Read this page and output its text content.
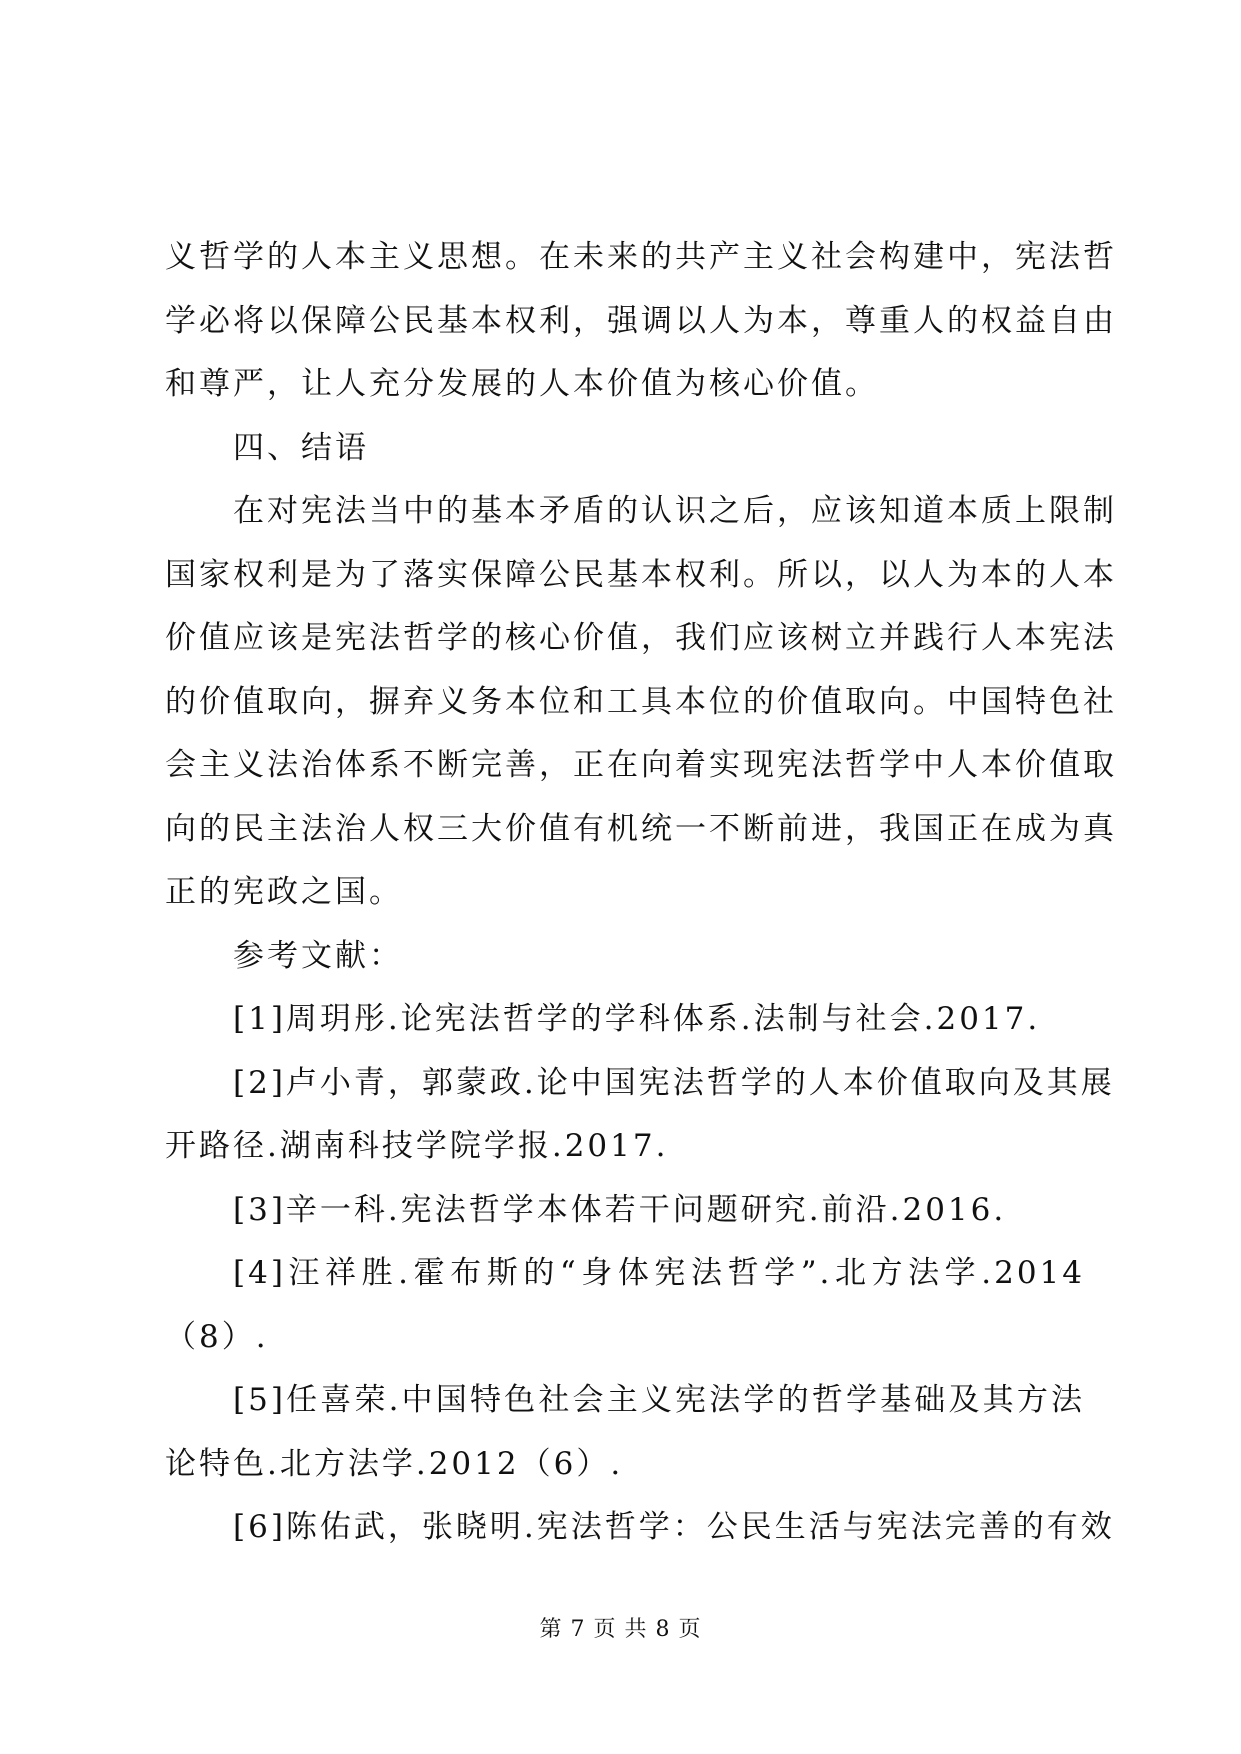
义哲学的人本主义思想。在未来的共产主义社会构建中，宪法哲
学必将以保障公民基本权利，强调以人为本，尊重人的权益自由
和尊严，让人充分发展的人本价值为核心价值。
四、结语
在对宪法当中的基本矛盾的认识之后，应该知道本质上限制
国家权利是为了落实保障公民基本权利。所以，以人为本的人本
价值应该是宪法哲学的核心价值，我们应该树立并践行人本宪法
的价值取向，摒弃义务本位和工具本位的价值取向。中国特色社
会主义法治体系不断完善，正在向着实现宪法哲学中人本价值取
向的民主法治人权三大价值有机统一不断前进，我国正在成为真
正的宪政之国。
参考文献：
[1]周玥彤.论宪法哲学的学科体系.法制与社会.2017.
[2]卢小青，郭蒙政.论中国宪法哲学的人本价值取向及其展
开路径.湖南科技学院学报.2017.
[3]辛一科.宪法哲学本体若干问题研究.前沿.2016.
[4]汪祥胜.霍布斯的“身体宪法哲学”.北方法学.2014
（8）.
[5]任喜荣.中国特色社会主义宪法学的哲学基础及其方法
论特色.北方法学.2012（6）.
[6]陈佑武，张晓明.宪法哲学：公民生活与宪法完善的有效
第 7 页 共 8 页
